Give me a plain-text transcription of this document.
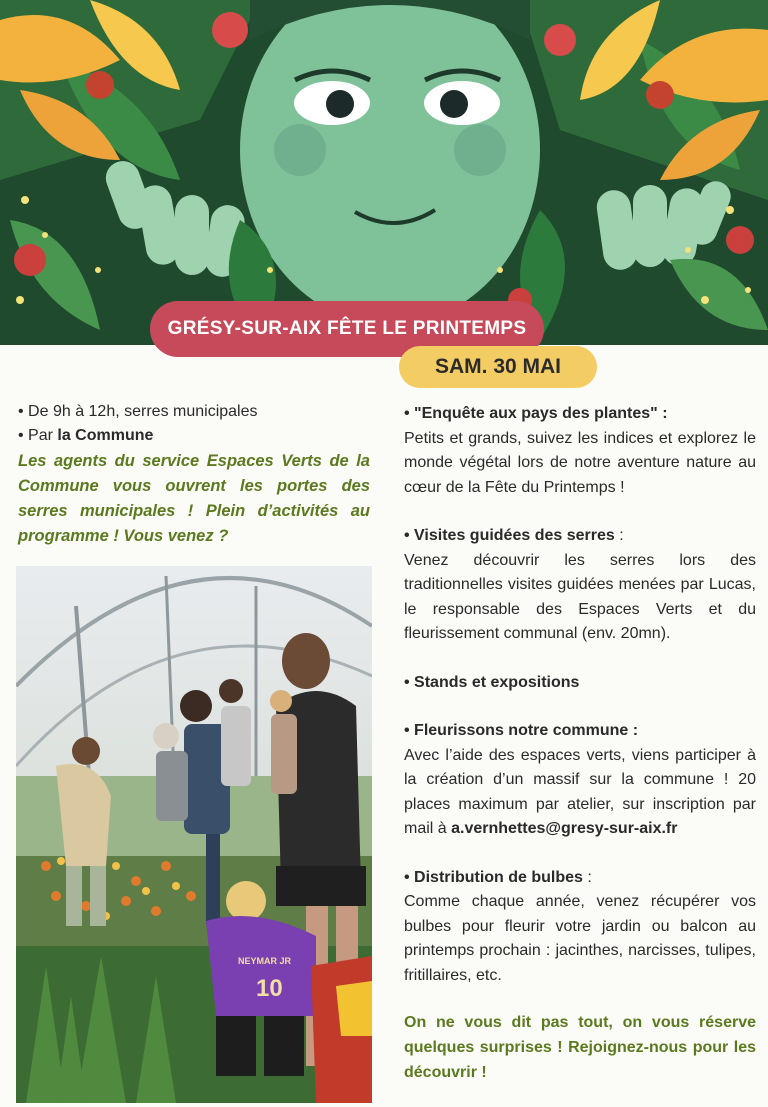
GRÉSY-SUR-AIX FÊTE LE PRINTEMPS
SAM. 30 MAI
• De 9h à 12h, serres municipales
• Par la Commune
Les agents du service Espaces Verts de la Commune vous ouvrent les portes des serres municipales ! Plein d’activités au programme ! Vous venez ?
NEYMAR JR
10
• "Enquête aux pays des plantes" :
Petits et grands, suivez les indices et explorez le monde végétal lors de notre aventure nature au cœur de la Fête du Printemps !
• Visites guidées des serres :
Venez découvrir les serres lors des traditionnelles visites guidées menées par Lucas, le responsable des Espaces Verts et du fleurissement communal (env. 20mn).
• Stands et expositions
• Fleurissons notre commune :
Avec l’aide des espaces verts, viens participer à la création d’un massif sur la commune ! 20 places maximum par atelier, sur inscription par mail à a.vernhettes@gresy-sur-aix.fr
• Distribution de bulbes :
Comme chaque année, venez récupérer vos bulbes pour fleurir votre jardin ou balcon au printemps prochain : jacinthes, narcisses, tulipes, fritillaires, etc.
On ne vous dit pas tout, on vous réserve quelques surprises ! Rejoignez-nous pour les découvrir !
